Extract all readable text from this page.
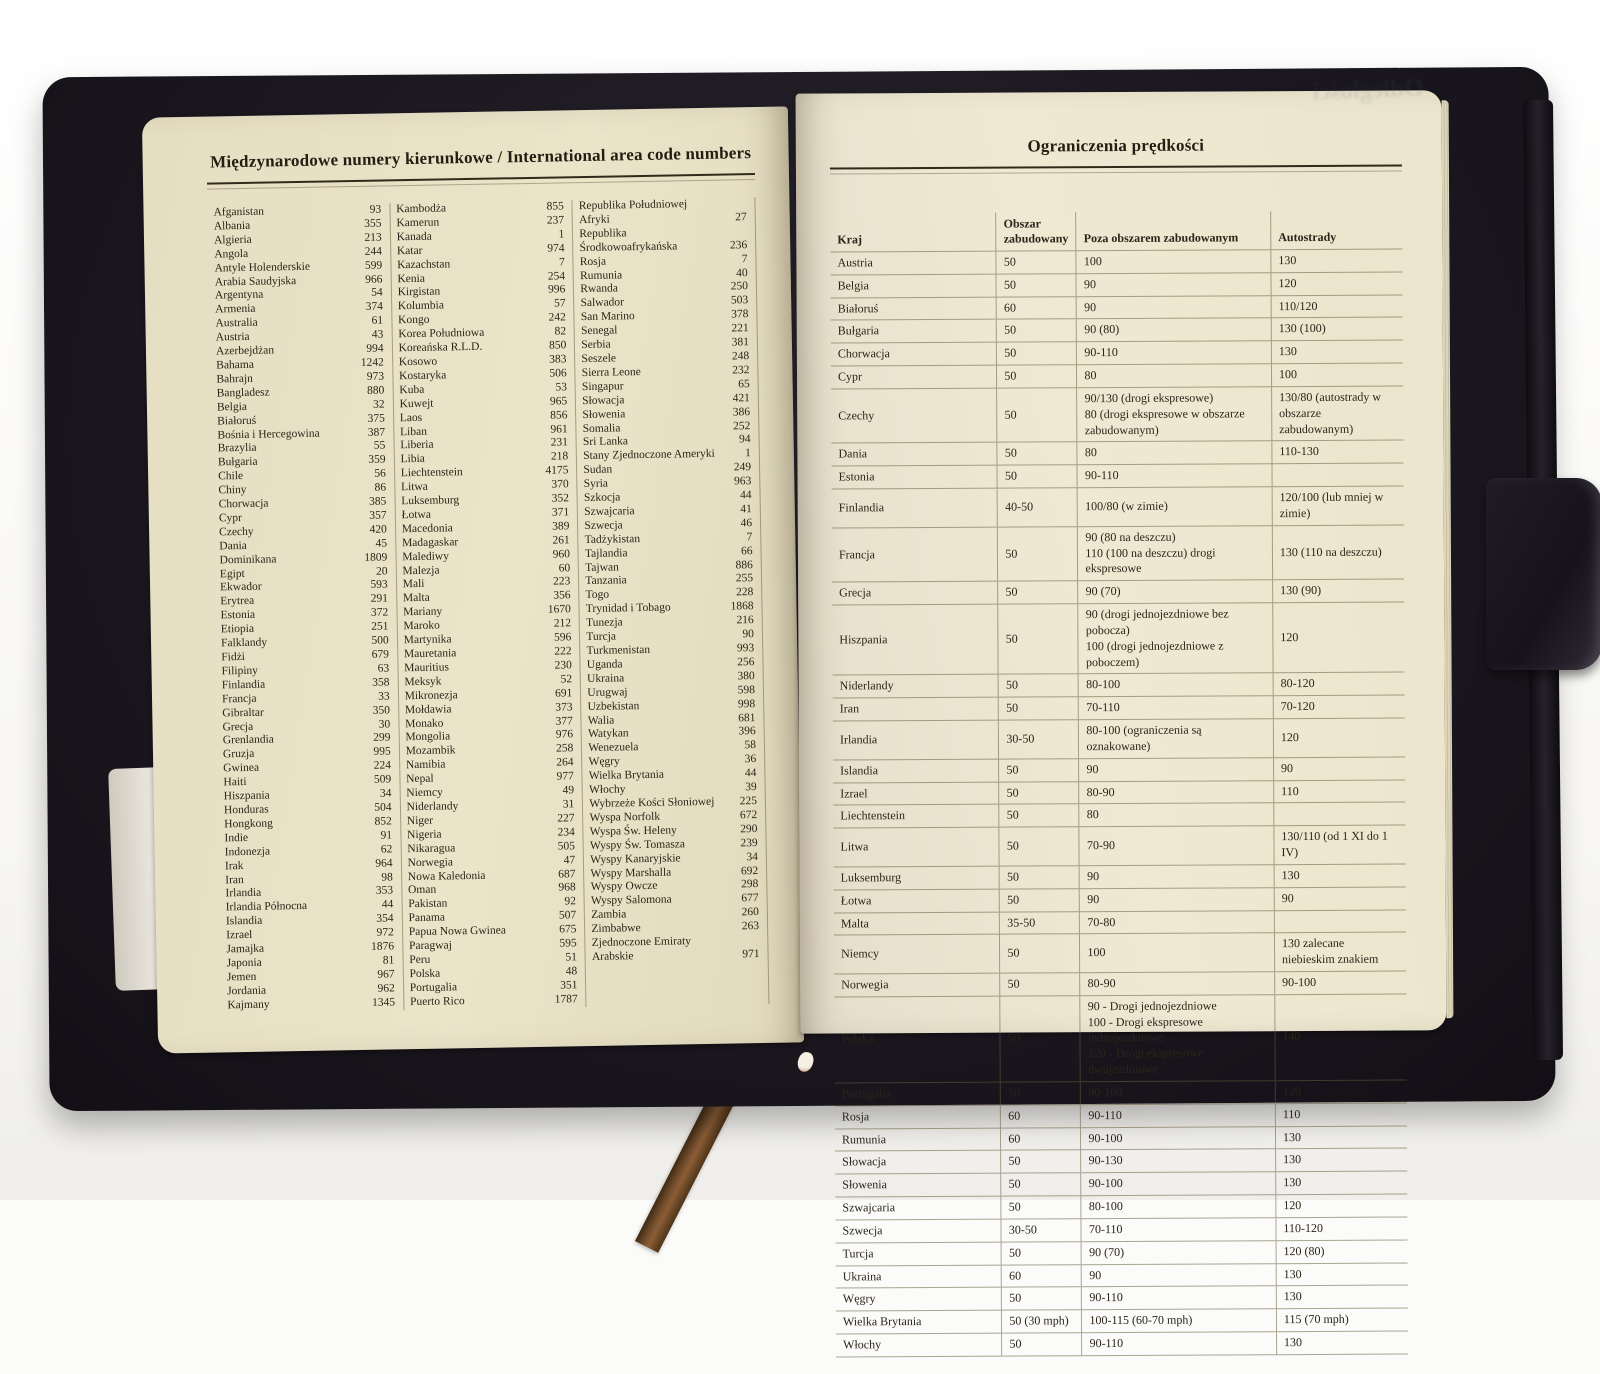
Międzynarodowe numery kierunkowe / International area code numbers
Afganistan	93
Albania	355
Algieria	213
Angola	244
Antyle Holenderskie	599
Arabia Saudyjska	966
Argentyna	54
Armenia	374
Australia	61
Austria	43
Azerbejdżan	994
Bahama	1242
Bahrajn	973
Bangladesz	880
Belgia	32
Białoruś	375
Bośnia i Hercegowina	387
Brazylia	55
Bułgaria	359
Chile	56
Chiny	86
Chorwacja	385
Cypr	357
Czechy	420
Dania	45
Dominikana	1809
Egipt	20
Ekwador	593
Erytrea	291
Estonia	372
Etiopia	251
Falklandy	500
Fidżi	679
Filipiny	63
Finlandia	358
Francja	33
Gibraltar	350
Grecja	30
Grenlandia	299
Gruzja	995
Gwinea	224
Haiti	509
Hiszpania	34
Honduras	504
Hongkong	852
Indie	91
Indonezja	62
Irak	964
Iran	98
Irlandia	353
Irlandia Północna	44
Islandia	354
Izrael	972
Jamajka	1876
Japonia	81
Jemen	967
Jordania	962
Kajmany	1345
Kambodża	855
Kamerun	237
Kanada	1
Katar	974
Kazachstan	7
Kenia	254
Kirgistan	996
Kolumbia	57
Kongo	242
Korea Południowa	82
Koreańska R.L.D.	850
Kosowo	383
Kostaryka	506
Kuba	53
Kuwejt	965
Laos	856
Liban	961
Liberia	231
Libia	218
Liechtenstein	4175
Litwa	370
Luksemburg	352
Łotwa	371
Macedonia	389
Madagaskar	261
Malediwy	960
Malezja	60
Mali	223
Malta	356
Mariany	1670
Maroko	212
Martynika	596
Mauretania	222
Mauritius	230
Meksyk	52
Mikronezja	691
Mołdawia	373
Monako	377
Mongolia	976
Mozambik	258
Namibia	264
Nepal	977
Niemcy	49
Niderlandy	31
Niger	227
Nigeria	234
Nikaragua	505
Norwegia	47
Nowa Kaledonia	687
Oman	968
Pakistan	92
Panama	507
Papua Nowa Gwinea	675
Paragwaj	595
Peru	51
Polska	48
Portugalia	351
Puerto Rico	1787
Republika Południowej Afryki	27
Republika Środkowoafrykańska	236
Rosja	7
Rumunia	40
Rwanda	250
Salwador	503
San Marino	378
Senegal	221
Serbia	381
Seszele	248
Sierra Leone	232
Singapur	65
Słowacja	421
Słowenia	386
Somalia	252
Sri Lanka	94
Stany Zjednoczone Ameryki	1
Sudan	249
Syria	963
Szkocja	44
Szwajcaria	41
Szwecja	46
Tadżykistan	7
Tajlandia	66
Tajwan	886
Tanzania	255
Togo	228
Trynidad i Tobago	1868
Tunezja	216
Turcja	90
Turkmenistan	993
Uganda	256
Ukraina	380
Urugwaj	598
Uzbekistan	998
Walia	681
Watykan	396
Wenezuela	58
Węgry	36
Wielka Brytania	44
Włochy	39
Wybrzeże Kości Słoniowej	225
Wyspa Norfolk	672
Wyspa Św. Heleny	290
Wyspy Św. Tomasza	239
Wyspy Kanaryjskie	34
Wyspy Marshalla	692
Wyspy Owcze	298
Wyspy Salomona	677
Zambia	260
Zimbabwe	263
Zjednoczone Emiraty Arabskie	971
Odległości
Ograniczenia prędkości
Kraj	Obszar zabudowany	Poza obszarem zabudowanym	Autostrady
Austria	50	100	130
Belgia	50	90	120
Białoruś	60	90	110/120
Bułgaria	50	90 (80)	130 (100)
Chorwacja	50	90-110	130
Cypr	50	80	100
Czechy	50	90/130 (drogi ekspresowe)
80 (drogi ekspresowe w obszarze zabudowanym)	130/80 (autostrady w obszarze zabudowanym)
Dania	50	80	110-130
Estonia	50	90-110	
Finlandia	40-50	100/80 (w zimie)	120/100 (lub mniej w zimie)
Francja	50	90 (80 na deszczu)
110 (100 na deszczu) drogi ekspresowe	130 (110 na deszczu)
Grecja	50	90 (70)	130 (90)
Hiszpania	50	90 (drogi jednojezdniowe bez pobocza)
100 (drogi jednojezdniowe z poboczem)	120
Niderlandy	50	80-100	80-120
Iran	50	70-110	70-120
Irlandia	30-50	80-100 (ograniczenia są oznakowane)	120
Islandia	50	90	90
Izrael	50	80-90	110
Liechtenstein	50	80	
Litwa	50	70-90	130/110 (od 1 XI do 1 IV)
Luksemburg	50	90	130
Łotwa	50	90	90
Malta	35-50	70-80	
Niemcy	50	100	130 zalecane niebieskim znakiem
Norwegia	50	80-90	90-100
Polska	50	90 - Drogi jednojezdniowe
100 - Drogi ekspresowe jednojezdniowe
120 - Drogi ekspresowe dwujezdniowe	140
Portugalia	50	90-100	120
Rosja	60	90-110	110
Rumunia	60	90-100	130
Słowacja	50	90-130	130
Słowenia	50	90-100	130
Szwajcaria	50	80-100	120
Szwecja	30-50	70-110	110-120
Turcja	50	90 (70)	120 (80)
Ukraina	60	90	130
Węgry	50	90-110	130
Wielka Brytania	50 (30 mph)	100-115 (60-70 mph)	115 (70 mph)
Włochy	50	90-110	130
